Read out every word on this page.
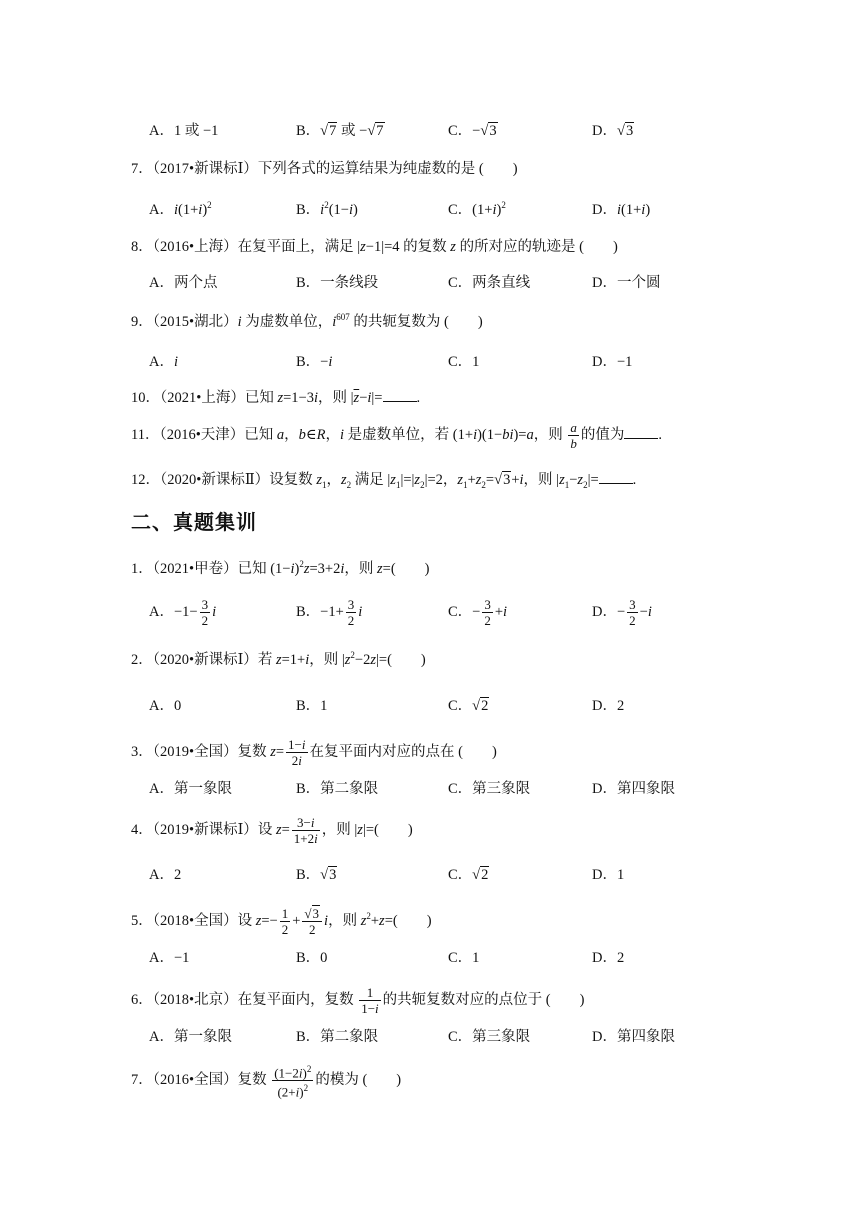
A．1 或 −1	B．√7 或 −√7	C．−√3	D．√3
7．（2017•新课标Ⅰ）下列各式的运算结果为纯虚数的是 (　　)
A．$i(1+i)^2$	B．$i^2(1-i)$	C．$(1+i)^2$	D．i(1+i)
8．（2016•上海）在复平面上，满足 |z−1|=4 的复数 z 的所对应的轨迹是 (　　)
A．两个点	B．一条线段	C．两条直线	D．一个圆
9．（2015•湖北）i 为虚数单位，$i^{607}$ 的共轭复数为 (　　)
A．i	B．−i	C．1	D．−1
10．（2021•上海）已知 z=1−3i，则 $|\overline{z}-i|=$ .
11．（2016•天津）已知 a，b∈R，i 是虚数单位，若 (1+i)(1−bi)=a，则 $\frac{a}{b}$ 的值为 .
12．（2020•新课标Ⅱ）设复数 $z_1$，$z_2$ 满足 $|z_1|=|z_2|=2$，$z_1+z_2=√3+i$，则 $|z_1-z_2|=$ .
二、真题集训
1．（2021•甲卷）已知 $(1-i)^2z=3+2i$，则 z=(　　)
A．$-1- \frac{3}{2}$ i	B．$-1+ \frac{3}{2}$ i	C．− $\frac{3}{2} +i$	D．− $\frac{3}{2} -i$
2．（2020•新课标Ⅰ）若 z=1+i，则 $|z^2-2z|=$(　　)
A．0	B．1	C．√2	D．2
3．（2019•全国）复数 $z= \frac{1-i}{2i}$ 在复平面内对应的点在 (　　)
A．第一象限	B．第二象限	C．第三象限	D．第四象限
4．（2019•新课标Ⅰ）设 $z= \frac{3-i}{1+2i}$ ，则 |z|=(　　)
A．2	B．√3	C．√2	D．1
5．（2018•全国）设 $z=- \frac{1}{2} + \frac{√3}{2}$ i，则 $z^2+z=$(　　)
A．−1	B．0	C．1	D．2
6．（2018•北京）在复平面内，复数 $\frac{1}{1-i}$ 的共轭复数对应的点位于 (　　)
A．第一象限	B．第二象限	C．第三象限	D．第四象限
7．（2016•全国）复数 $\frac{(1-2i)^2}{(2+i)^2}$ 的模为 (　　)
